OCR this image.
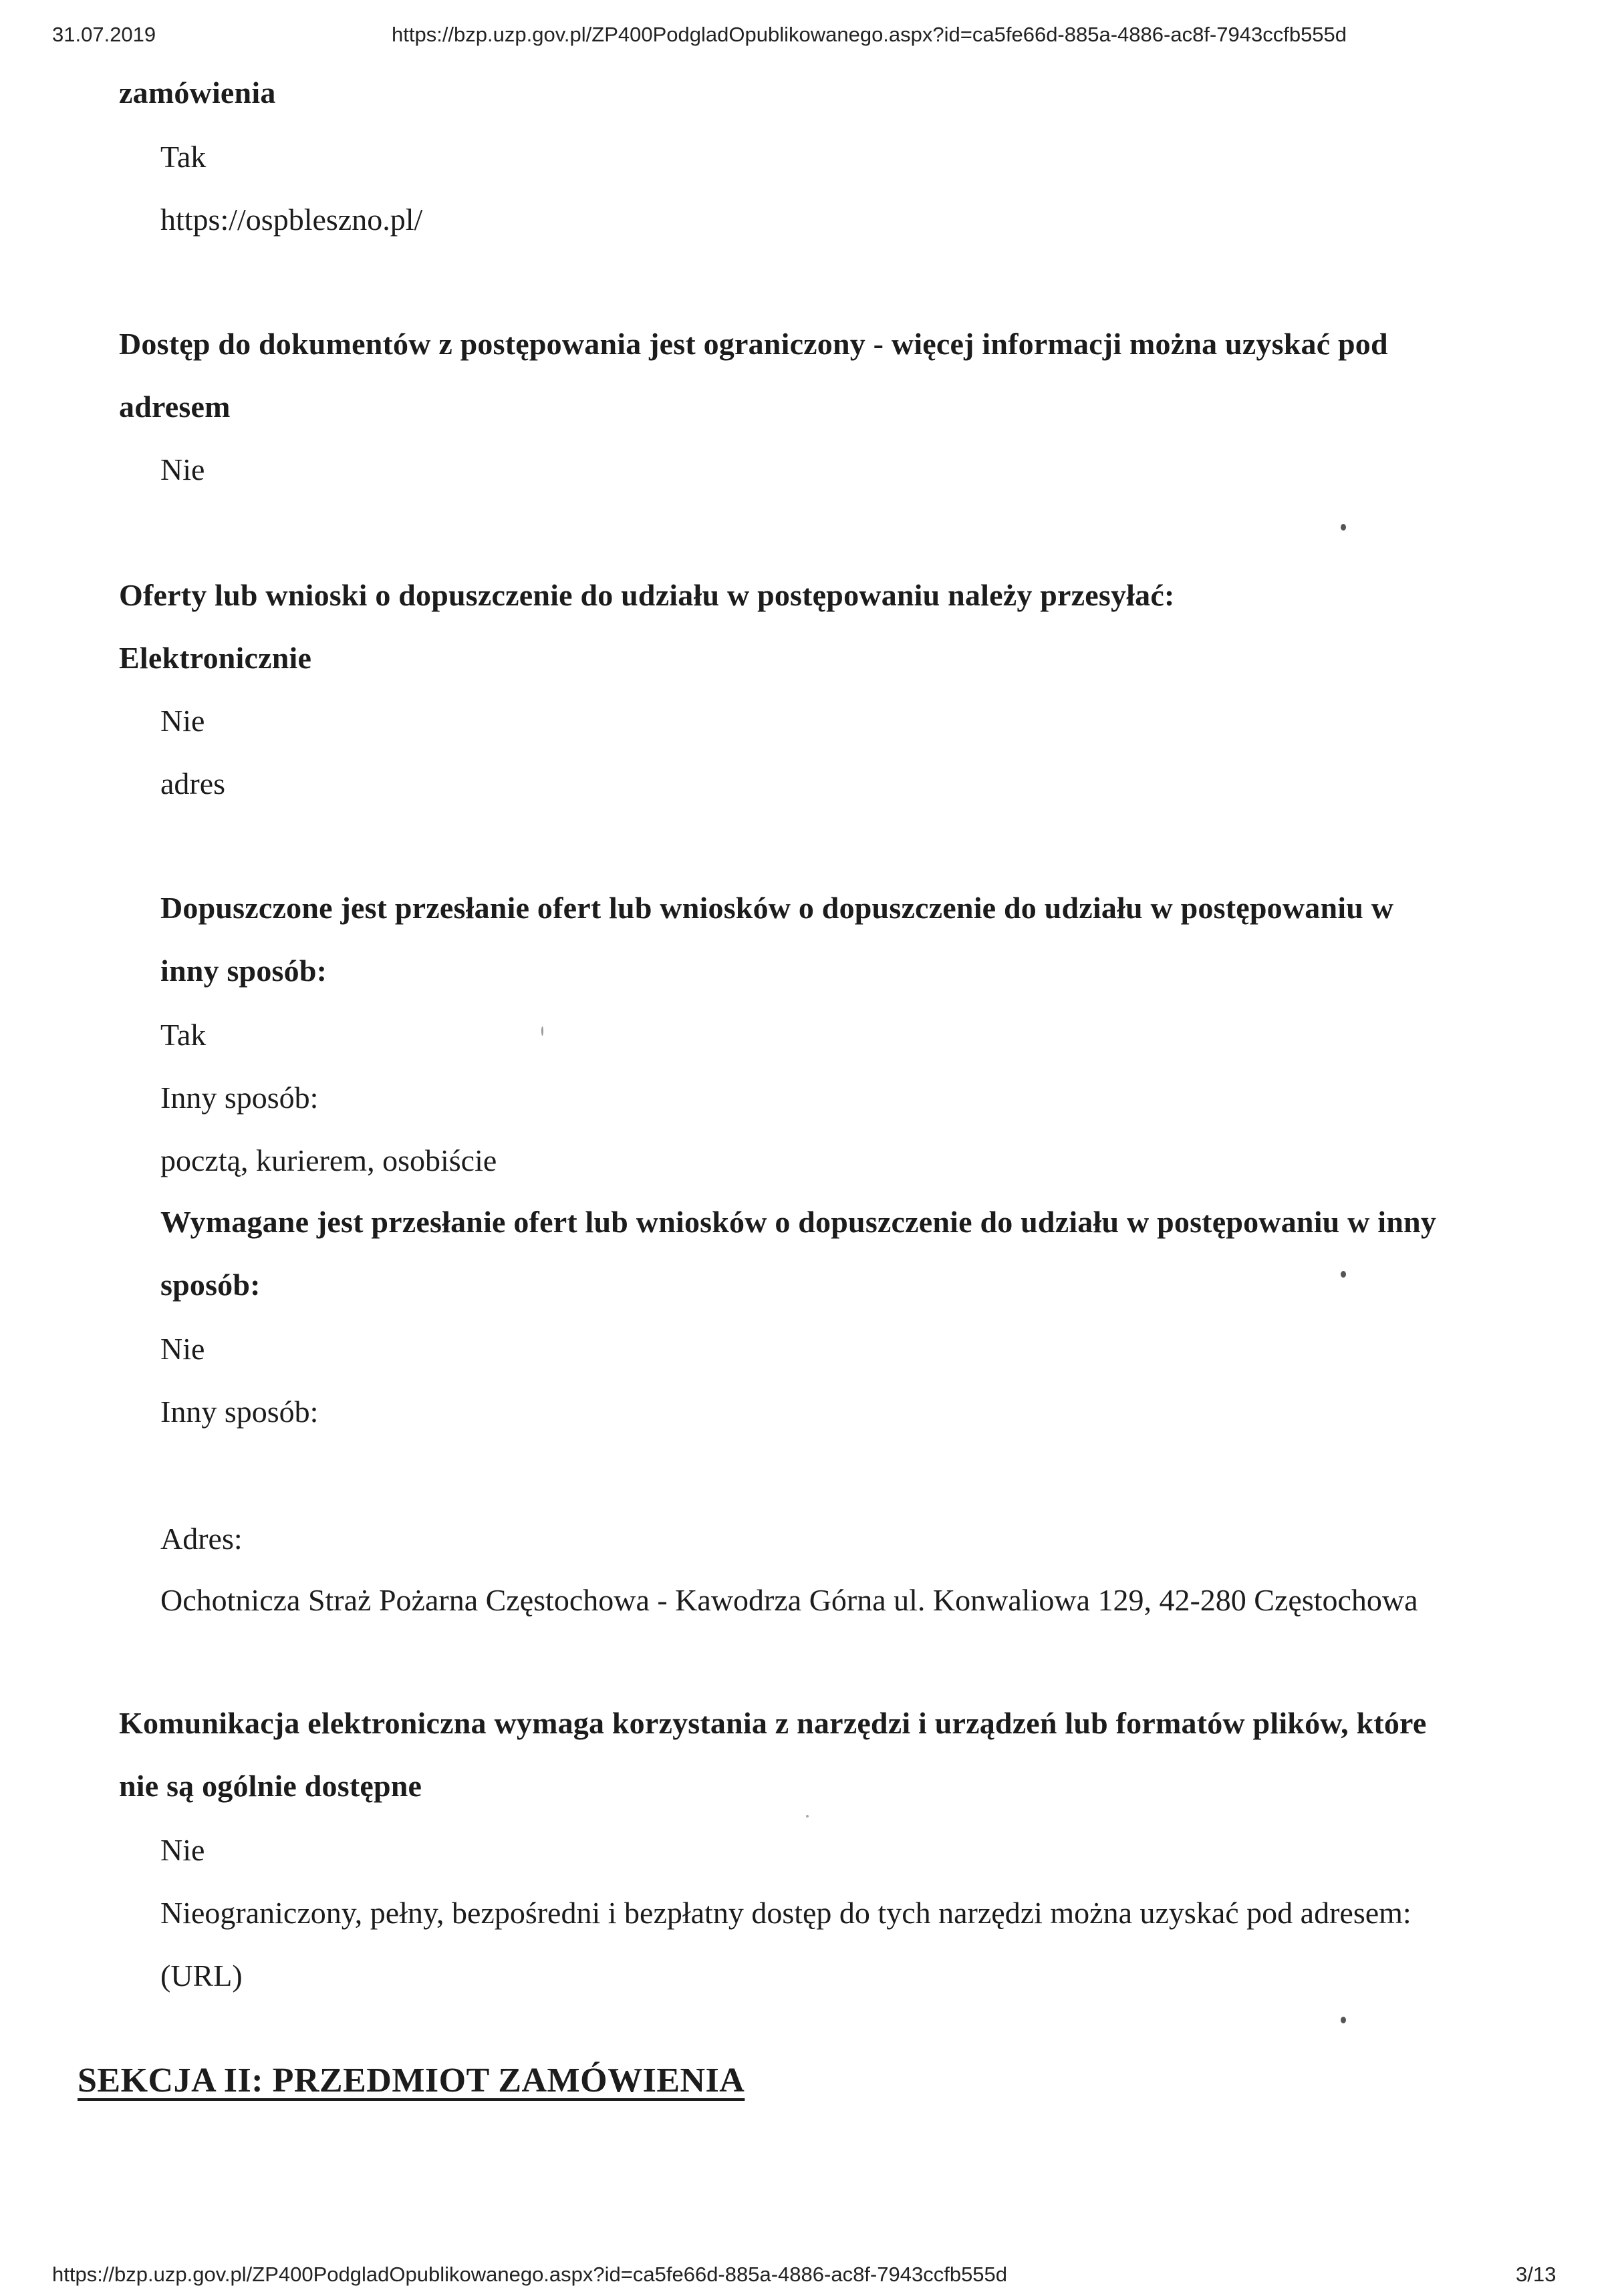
31.07.2019	https://bzp.uzp.gov.pl/ZP400PodgladOpublikowanego.aspx?id=ca5fe66d-885a-4886-ac8f-7943ccfb555d
zamówienia
Tak
https://ospbleszno.pl/
Dostęp do dokumentów z postępowania jest ograniczony - więcej informacji można uzyskać pod
adresem
Nie
Oferty lub wnioski o dopuszczenie do udziału w postępowaniu należy przesyłać:
Elektronicznie
Nie
adres
Dopuszczone jest przesłanie ofert lub wniosków o dopuszczenie do udziału w postępowaniu w
inny sposób:
Tak
Inny sposób:
pocztą, kurierem, osobiście
Wymagane jest przesłanie ofert lub wniosków o dopuszczenie do udziału w postępowaniu w inny
sposób:
Nie
Inny sposób:
Adres:
Ochotnicza Straż Pożarna Częstochowa - Kawodrza Górna ul. Konwaliowa 129, 42-280 Częstochowa
Komunikacja elektroniczna wymaga korzystania z narzędzi i urządzeń lub formatów plików, które
nie są ogólnie dostępne
Nie
Nieograniczony, pełny, bezpośredni i bezpłatny dostęp do tych narzędzi można uzyskać pod adresem:
(URL)
SEKCJA II: PRZEDMIOT ZAMÓWIENIA
https://bzp.uzp.gov.pl/ZP400PodgladOpublikowanego.aspx?id=ca5fe66d-885a-4886-ac8f-7943ccfb555d	3/13
